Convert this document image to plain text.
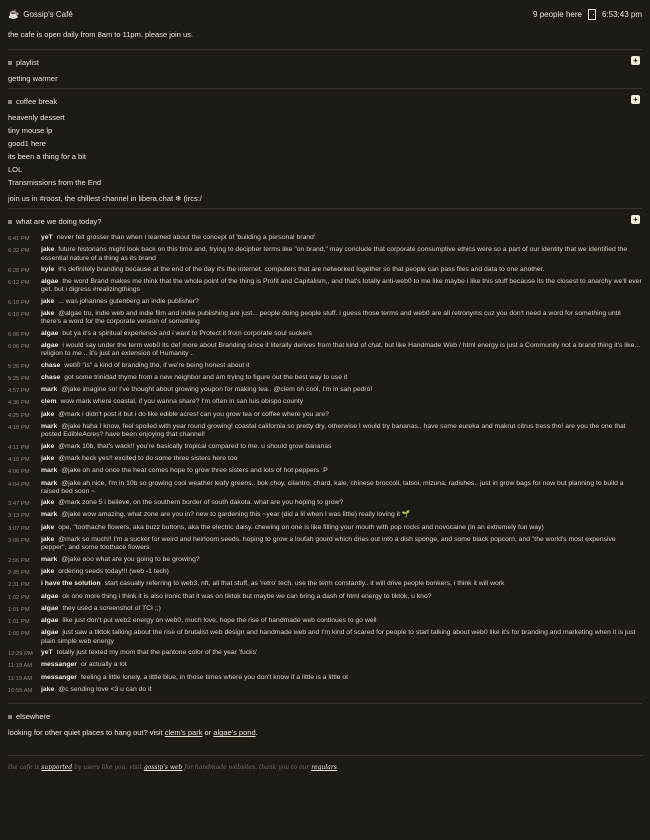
☕ Gossip's Café	9 people here	6:53:43 pm
the cafe is open daily from 8am to 11pm. please join us.
playlist	+
getting warmer
coffee break	+
heavenly dessert
tiny mouse lp
good1 here
its been a thing for a bit
LOL
Transmissions from the End
join us in #roost, the chillest channel in libera.chat ❄ (ircs:/
what are we doing today?	+
6:41 PM	yeT never felt grosser than when I learned about the concept of 'building a personal brand'
6:32 PM	jake future historians might look back on this time and, trying to decipher terms like "on brand," may conclude that corporate consumptive ethics were so a part of our identity that we identified the essential nature of a thing as its brand
6:28 PM	kyle it's definitely branding because at the end of the day it's the internet. computers that are networked together so that people can pass files and data to one another.
6:12 PM	algae the word Brand makes me think that the whole point of the thing is Profit and Capitalism,, and that's totally anti-web0 to me like maybe i like this stuff because its the closest to anarchy we'll ever get. but i digress #realizingthings
6:10 PM	jake ... was johannes gutenberg an indie publisher?
6:10 PM	jake @algae tru, indie web and indie film and indie publishing are just... people doing people stuff. i guess those terms and web0 are all retronyms cuz you don't need a word for something until there's a word for the corporate version of something
6:06 PM	algae but ya it's a spiritual experience and i want to Protect it from corporate soul suckers
6:06 PM	algae i would say under the term web0 its def more about Branding since it literally derives from that kind of chat, but like Handmade Web / html energy is just a Community not a brand thing it's like... religion to me .. it's just an extension of Humanity ..
5:26 PM	chase web0 "is" a kind of branding tho, if we're being honest about it
5:25 PM	chase got some trinidad thyme from a new neighbor and am trying to figure out the best way to use it
4:57 PM	mark @jake imagine so! I've thought about growing youpon for making tea.. @clem oh cool, I'm in san pedro!
4:36 PM	clem wow mark where coastal, if you wanna share? I'm often in san luis obispo county
4:25 PM	jake @mark i didn't post it but i do like edible acres! can you grow tea or coffee where you are?
4:18 PM	mark @jake haha I know, feel spoiled with year round growing! coastal california so pretty dry, otherwise I would try bananas.. have some eureka and makrut citrus tress tho! are you the one that posted EdibleAcres? have been enjoying that channel!
4:11 PM	jake @mark 10b, that's wack!! you're basically tropical compared to me. u should grow bananas
4:10 PM	jake @mark heck yes!! excited to do some three sisters here too
4:06 PM	mark @jake oh and once the heat comes hope to grow three sisters and lots of hot peppers :P
4:04 PM	mark @jake ah nice, I'm in 10b so growing cool weather leafy greens.. bok choy, cilantro, chard, kale, chinese broccoli, tatsoi, mizuna, radishes.. just in grow bags for now but planning to build a raised bed soon ~
3:47 PM	jake @mark zone 5 i believe, on the southern border of south dakota. what are you hoping to grow?
3:13 PM	mark @jake wow amazing, what zone are you in? new to gardening this ~year (did a lil when I was little) really loving it 🌱
3:07 PM	jake ope, "toothache flowers, aka buzz buttons, aka the electric daisy. chewing on one is like filling your mouth with pop rocks and novocaine (in an extremely fun way)
3:06 PM	jake @mark so much!! I'm a sucker for weird and heirloom seeds. hoping to grow a loufah gourd which dries out into a dish sponge, and some black popcorn, and "the world's most expensive pepper", and some toothace flowers
2:56 PM	mark @jake ooo what are you going to be growing?
2:35 PM	jake ordering seeds today!!! (web -1 tech)
2:31 PM	i have the solution start casually referring to web3, nft, all that stuff, as 'retro' tech. use the term constantly.. it will drive people bonkers, i think it will work
1:02 PM	algae ok one more thing i think it is also ironic that it was on tiktok but maybe we can bring a dash of html energy to tiktok, u kno?
1:01 PM	algae they used a screenshot of TCI ;;)
1:01 PM	algae like just don't put web2 energy on web0, much love, hope the rise of handmade web continues to go well
1:00 PM	algae just saw a tiktok talking about the rise of brutalist web design and handmade web and I'm kind of scared for people to start talking about web0 like it's for branding and marketing when it is just plain simple web energy
12:29 PM	yeT totally just texted my mom that the pantone color of the year 'fucks'
11:19 AM	messanger or actually a lot
11:19 AM	messanger feeling a little lonely, a little blue, in those times where you don't know if a little is a little ot
10:55 AM	jake @c sending love <3 u can do it
elsewhere
looking for other quiet places to hang out? visit clem's park or algae's pond.
the cafe is supported by users like you. visit gossip's web for handmade websites. thank you to our regulars.
